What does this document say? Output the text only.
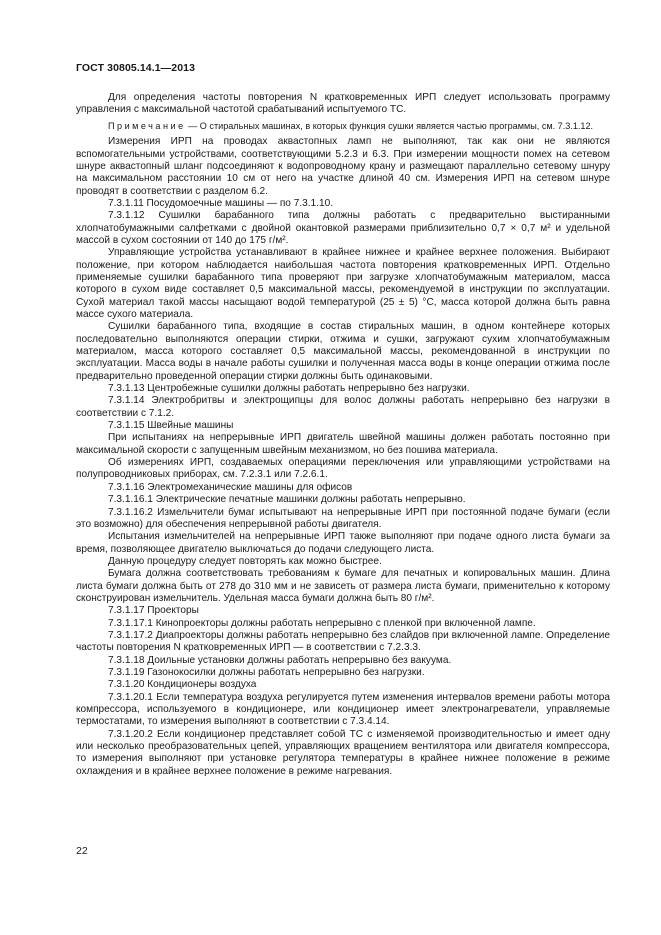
ГОСТ 30805.14.1—2013

Для определения частоты повторения N кратковременных ИРП следует использовать программу управления с максимальной частотой срабатываний испытуемого ТС.

Примечание — О стиральных машинах, в которых функция сушки является частью программы, см. 7.3.1.12.

Измерения ИРП на проводах аквастопных ламп не выполняют, так как они не являются вспомогательными устройствами, соответствующими 5.2.3 и 6.3. При измерении мощности помех на сетевом шнуре аквастопный шланг подсоединяют к водопроводному крану и размещают параллельно сетевому шнуру на максимальном расстоянии 10 см от него на участке длиной 40 см. Измерения ИРП на сетевом шнуре проводят в соответствии с разделом 6.2.

7.3.1.11 Посудомоечные машины — по 7.3.1.10.

7.3.1.12 Сушилки барабанного типа должны работать с предварительно выстиранными хлопчатобумажными салфетками с двойной окантовкой размерами приблизительно 0,7 × 0,7 м² и удельной массой в сухом состоянии от 140 до 175 г/м².

Управляющие устройства устанавливают в крайнее нижнее и крайнее верхнее положения. Выбирают положение, при котором наблюдается наибольшая частота повторения кратковременных ИРП. Отдельно применяемые сушилки барабанного типа проверяют при загрузке хлопчатобумажным материалом, масса которого в сухом виде составляет 0,5 максимальной массы, рекомендуемой в инструкции по эксплуатации. Сухой материал такой массы насыщают водой температурой (25 ± 5) °С, масса которой должна быть равна массе сухого материала.

Сушилки барабанного типа, входящие в состав стиральных машин, в одном контейнере которых последовательно выполняются операции стирки, отжима и сушки, загружают сухим хлопчатобумажным материалом, масса которого составляет 0,5 максимальной массы, рекомендованной в инструкции по эксплуатации. Масса воды в начале работы сушилки и полученная масса воды в конце операции отжима после предварительно проведенной операции стирки должны быть одинаковыми.

7.3.1.13 Центробежные сушилки должны работать непрерывно без нагрузки.

7.3.1.14 Электробритвы и электрощипцы для волос должны работать непрерывно без нагрузки в соответствии с 7.1.2.

7.3.1.15 Швейные машины

При испытаниях на непрерывные ИРП двигатель швейной машины должен работать постоянно при максимальной скорости с запущенным швейным механизмом, но без пошива материала.

Об измерениях ИРП, создаваемых операциями переключения или управляющими устройствами на полупроводниковых приборах, см. 7.2.3.1 или 7.2.6.1.

7.3.1.16 Электромеханические машины для офисов

7.3.1.16.1 Электрические печатные машинки должны работать непрерывно.

7.3.1.16.2 Измельчители бумаг испытывают на непрерывные ИРП при постоянной подаче бумаги (если это возможно) для обеспечения непрерывной работы двигателя.

Испытания измельчителей на непрерывные ИРП также выполняют при подаче одного листа бумаги за время, позволяющее двигателю выключаться до подачи следующего листа.

Данную процедуру следует повторять как можно быстрее.

Бумага должна соответствовать требованиям к бумаге для печатных и копировальных машин. Длина листа бумаги должна быть от 278 до 310 мм и не зависеть от размера листа бумаги, применительно к которому сконструирован измельчитель. Удельная масса бумаги должна быть 80 г/м².

7.3.1.17 Проекторы

7.3.1.17.1 Кинопроекторы должны работать непрерывно с пленкой при включенной лампе.

7.3.1.17.2 Диапроекторы должны работать непрерывно без слайдов при включенной лампе. Определение частоты повторения N кратковременных ИРП — в соответствии с 7.2.3.3.

7.3.1.18 Доильные установки должны работать непрерывно без вакуума.

7.3.1.19 Газонокосилки должны работать непрерывно без нагрузки.

7.3.1.20 Кондиционеры воздуха

7.3.1.20.1 Если температура воздуха регулируется путем изменения интервалов времени работы мотора компрессора, используемого в кондиционере, или кондиционер имеет электронагреватели, управляемые термостатами, то измерения выполняют в соответствии с 7.3.4.14.

7.3.1.20.2 Если кондиционер представляет собой ТС с изменяемой производительностью и имеет одну или несколько преобразовательных цепей, управляющих вращением вентилятора или двигателя компрессора, то измерения выполняют при установке регулятора температуры в крайнее нижнее положение в режиме охлаждения и в крайнее верхнее положение в режиме нагревания.

22
